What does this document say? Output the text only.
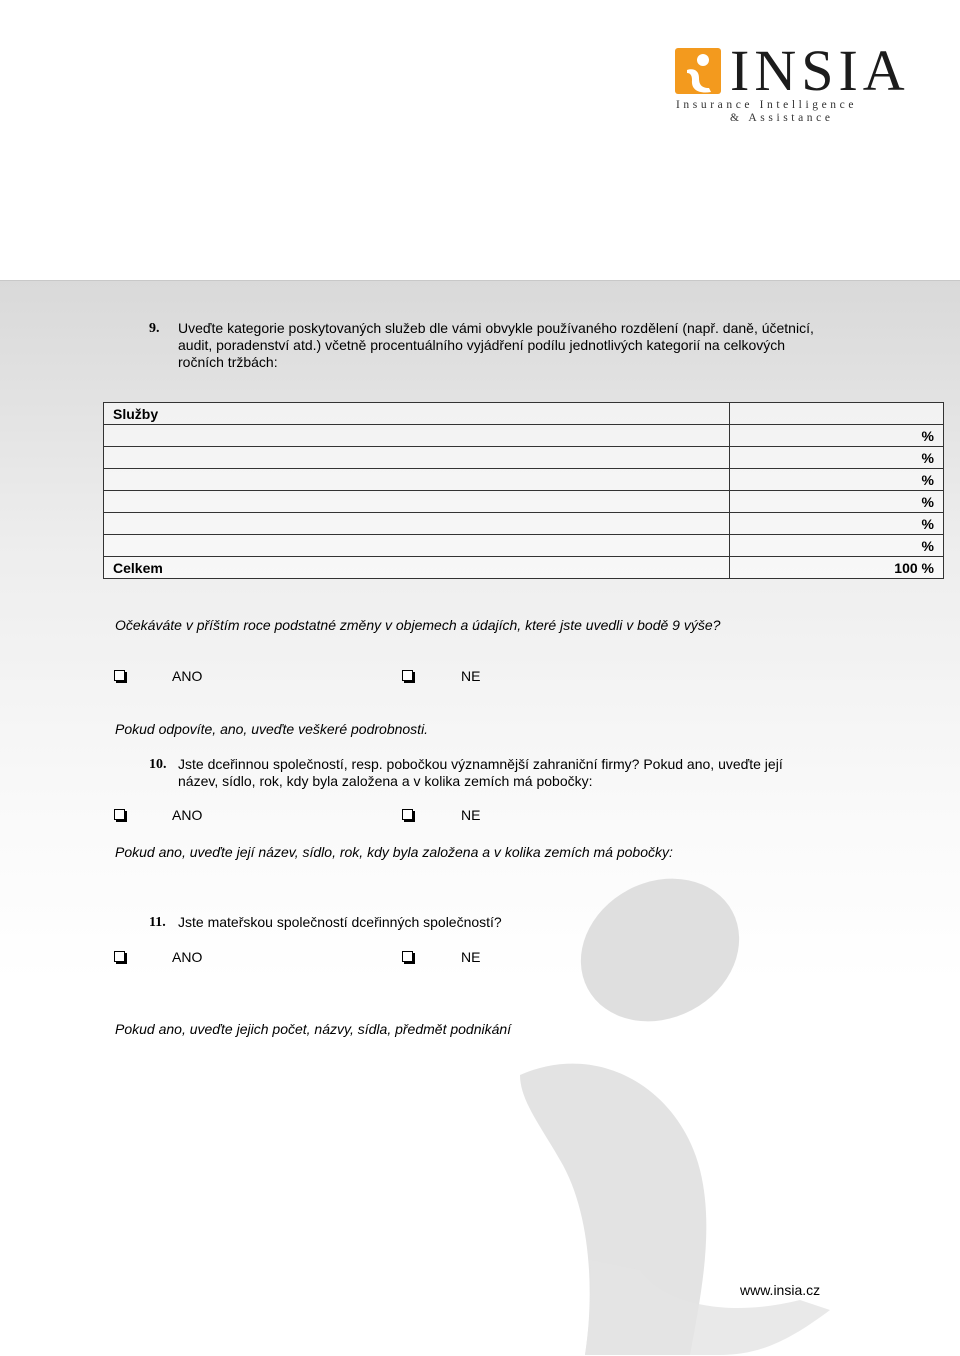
INSIA
Insurance Intelligence
& Assistance
9. Uveďte kategorie poskytovaných služeb dle vámi obvykle používaného rozdělení (např. daně, účetnicí,
audit, poradenství atd.) včetně procentuálního vyjádření podílu jednotlivých kategorií na celkových
ročních tržbách:
Služby	
	%
	%
	%
	%
	%
	%
Celkem	100 %
Očekáváte v příštím roce podstatné změny v objemech a údajích, které jste uvedli v bodě 9 výše?
ANO	NE
Pokud odpovíte, ano, uveďte veškeré podrobnosti.
10. Jste dceřinnou společností, resp. pobočkou významnější zahraniční firmy? Pokud ano, uveďte její
název, sídlo, rok, kdy byla založena a v kolika zemích má pobočky:
ANO	NE
Pokud ano, uveďte její název, sídlo, rok, kdy byla založena a v kolika zemích má pobočky:
11. Jste mateřskou společností dceřinných společností?
ANO	NE
Pokud ano, uveďte jejich počet, názvy, sídla, předmět podnikání
www.insia.cz
